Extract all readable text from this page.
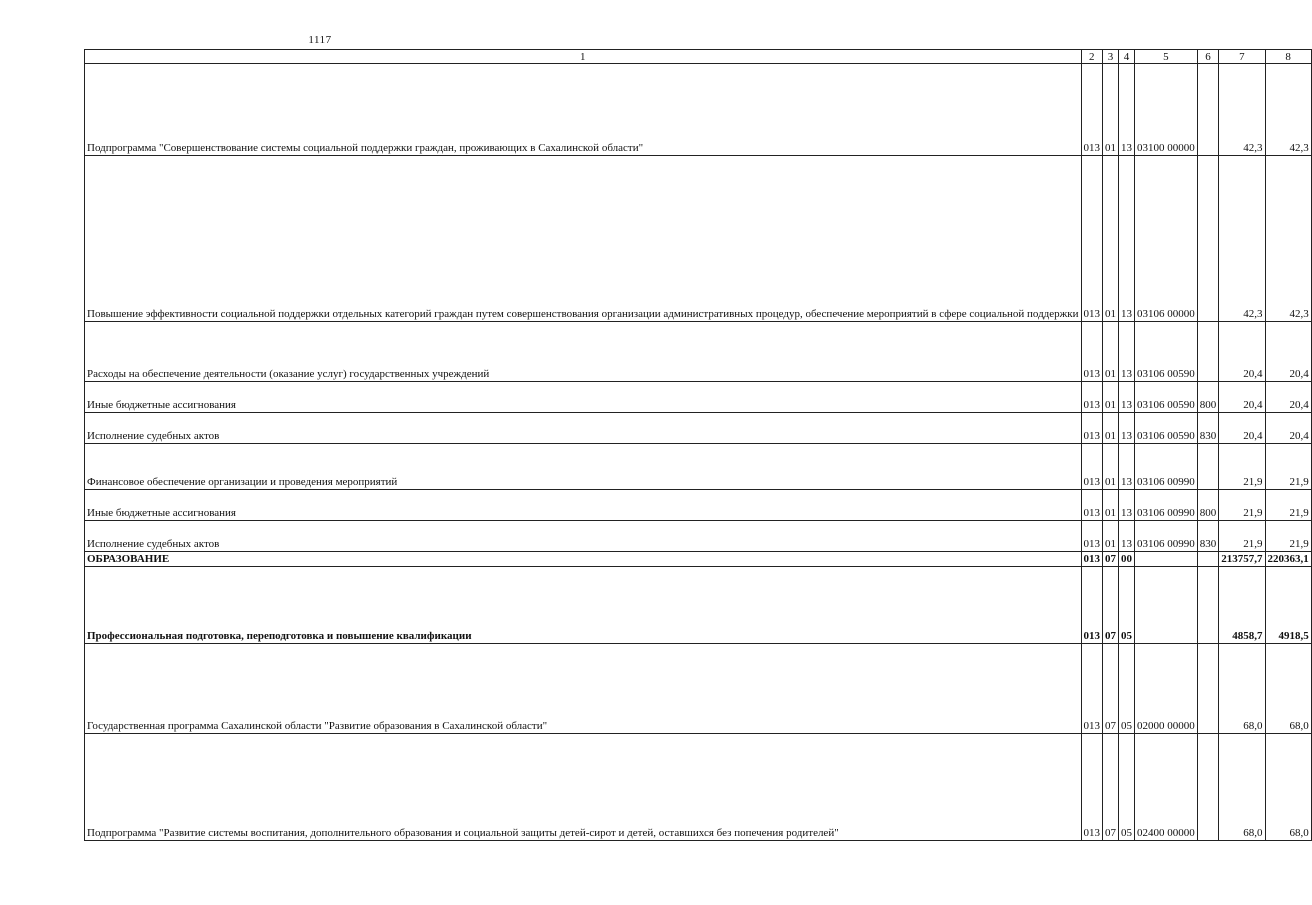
1117
1	2	3	4	5	6	7	8
Подпрограмма "Совершенствование системы социальной поддержки граждан, проживающих в Сахалинской области"	013	01	13	03100 00000		42,3	42,3
Повышение эффективности социальной поддержки отдельных категорий граждан путем совершенствования организации административных процедур, обеспечение мероприятий в сфере социальной поддержки	013	01	13	03106 00000		42,3	42,3
Расходы на обеспечение деятельности (оказание услуг) государственных учреждений	013	01	13	03106 00590		20,4	20,4
Иные бюджетные ассигнования	013	01	13	03106 00590	800	20,4	20,4
Исполнение судебных актов	013	01	13	03106 00590	830	20,4	20,4
Финансовое обеспечение организации и проведения мероприятий	013	01	13	03106 00990		21,9	21,9
Иные бюджетные ассигнования	013	01	13	03106 00990	800	21,9	21,9
Исполнение судебных актов	013	01	13	03106 00990	830	21,9	21,9
ОБРАЗОВАНИЕ	013	07	00			213757,7	220363,1
Профессиональная подготовка, переподготовка и повышение квалификации	013	07	05			4858,7	4918,5
Государственная программа Сахалинской области "Развитие образования в Сахалинской области"	013	07	05	02000 00000		68,0	68,0
Подпрограмма "Развитие системы воспитания, дополнительного образования и социальной защиты детей-сирот и детей, оставшихся без попечения родителей"	013	07	05	02400 00000		68,0	68,0
